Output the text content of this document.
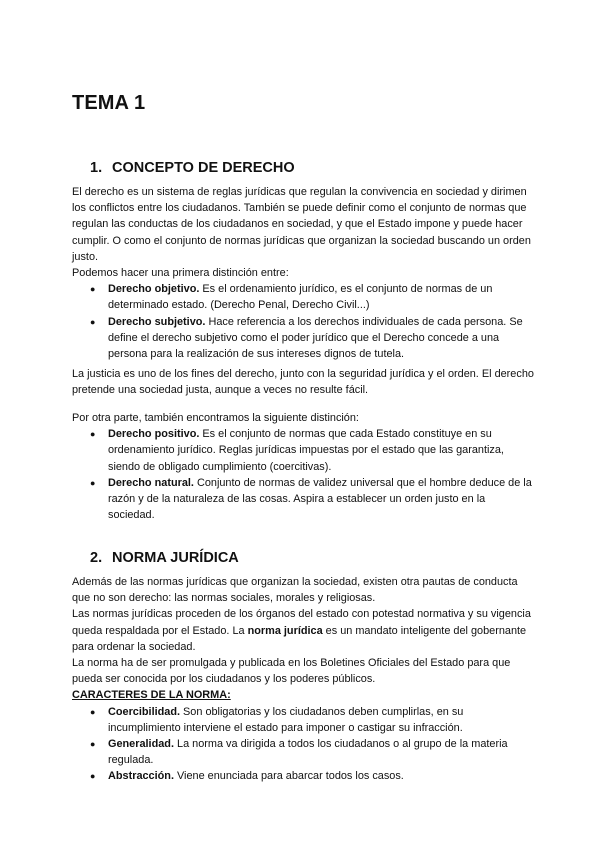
TEMA 1
1. CONCEPTO DE DERECHO

El derecho es un sistema de reglas jurídicas que regulan la convivencia en sociedad y dirimen los conflictos entre los ciudadanos. También se puede definir como el conjunto de normas que regulan las conductas de los ciudadanos en sociedad, y que el Estado impone y puede hacer cumplir. O como el conjunto de normas jurídicas que organizan la sociedad buscando un orden justo.

Podemos hacer una primera distinción entre:

● Derecho objetivo. Es el ordenamiento jurídico, es el conjunto de normas de un determinado estado. (Derecho Penal, Derecho Civil...)
● Derecho subjetivo. Hace referencia a los derechos individuales de cada persona. Se define el derecho subjetivo como el poder jurídico que el Derecho concede a una persona para la realización de sus intereses dignos de tutela.

La justicia es uno de los fines del derecho, junto con la seguridad jurídica y el orden. El derecho pretende una sociedad justa, aunque a veces no resulte fácil.

Por otra parte, también encontramos la siguiente distinción:

● Derecho positivo. Es el conjunto de normas que cada Estado constituye en su ordenamiento jurídico. Reglas jurídicas impuestas por el estado que las garantiza, siendo de obligado cumplimiento (coercitivas).
● Derecho natural. Conjunto de normas de validez universal que el hombre deduce de la razón y de la naturaleza de las cosas. Aspira a establecer un orden justo en la sociedad.
2. NORMA JURÍDICA

Además de las normas jurídicas que organizan la sociedad, existen otra pautas de conducta que no son derecho: las normas sociales, morales y religiosas.

Las normas jurídicas proceden de los órganos del estado con potestad normativa y su vigencia queda respaldada por el Estado. La norma jurídica es un mandato inteligente del gobernante para ordenar la sociedad.

La norma ha de ser promulgada y publicada en los Boletines Oficiales del Estado para que pueda ser conocida por los ciudadanos y los poderes públicos.

CARACTERES DE LA NORMA:

● Coercibilidad. Son obligatorias y los ciudadanos deben cumplirlas, en su incumplimiento interviene el estado para imponer o castigar su infracción.
● Generalidad. La norma va dirigida a todos los ciudadanos o al grupo de la materia regulada.
● Abstracción. Viene enunciada para abarcar todos los casos.
